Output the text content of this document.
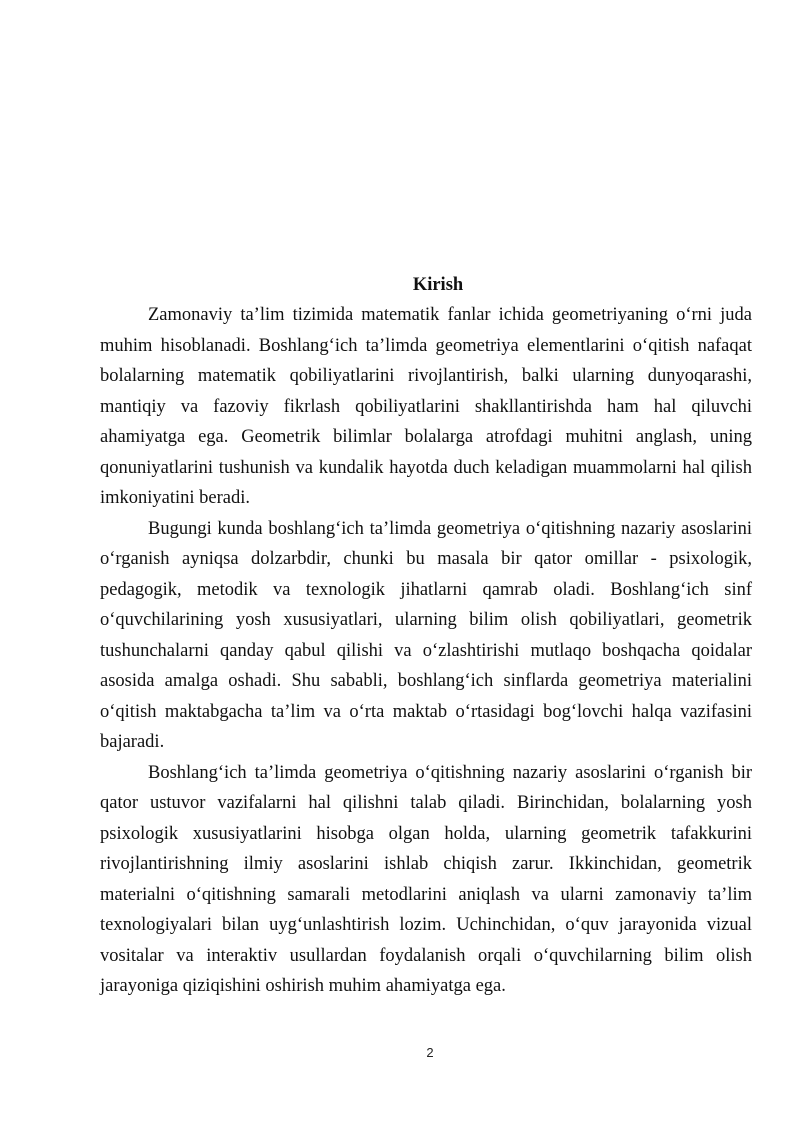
Kirish

Zamonaviy ta’lim tizimida matematik fanlar ichida geometriyaning o‘rni juda muhim hisoblanadi. Boshlang‘ich ta’limda geometriya elementlarini o‘qitish nafaqat bolalarning matematik qobiliyatlarini rivojlantirish, balki ularning dunyoqarashi, mantiqiy va fazoviy fikrlash qobiliyatlarini shakllantirishda ham hal qiluvchi ahamiyatga ega. Geometrik bilimlar bolalarga atrofdagi muhitni anglash, uning qonuniyatlarini tushunish va kundalik hayotda duch keladigan muammolarni hal qilish imkoniyatini beradi.

Bugungi kunda boshlang‘ich ta’limda geometriya o‘qitishning nazariy asoslarini o‘rganish ayniqsa dolzarbdir, chunki bu masala bir qator omillar - psixologik, pedagogik, metodik va texnologik jihatlarni qamrab oladi. Boshlang‘ich sinf o‘quvchilarining yosh xususiyatlari, ularning bilim olish qobiliyatlari, geometrik tushunchalarni qanday qabul qilishi va o‘zlashtirishi mutlaqo boshqacha qoidalar asosida amalga oshadi. Shu sababli, boshlang‘ich sinflarda geometriya materialini o‘qitish maktabgacha ta’lim va o‘rta maktab o‘rtasidagi bog‘lovchi halqa vazifasini bajaradi.

Boshlang‘ich ta’limda geometriya o‘qitishning nazariy asoslarini o‘rganish bir qator ustuvor vazifalarni hal qilishni talab qiladi. Birinchidan, bolalarning yosh psixologik xususiyatlarini hisobga olgan holda, ularning geometrik tafakkurini rivojlantirishning ilmiy asoslarini ishlab chiqish zarur. Ikkinchidan, geometrik materialni o‘qitishning samarali metodlarini aniqlash va ularni zamonaviy ta’lim texnologiyalari bilan uyg‘unlashtirish lozim. Uchinchidan, o‘quv jarayonida vizual vositalar va interaktiv usullardan foydalanish orqali o‘quvchilarning bilim olish jarayoniga qiziqishini oshirish muhim ahamiyatga ega.

2
